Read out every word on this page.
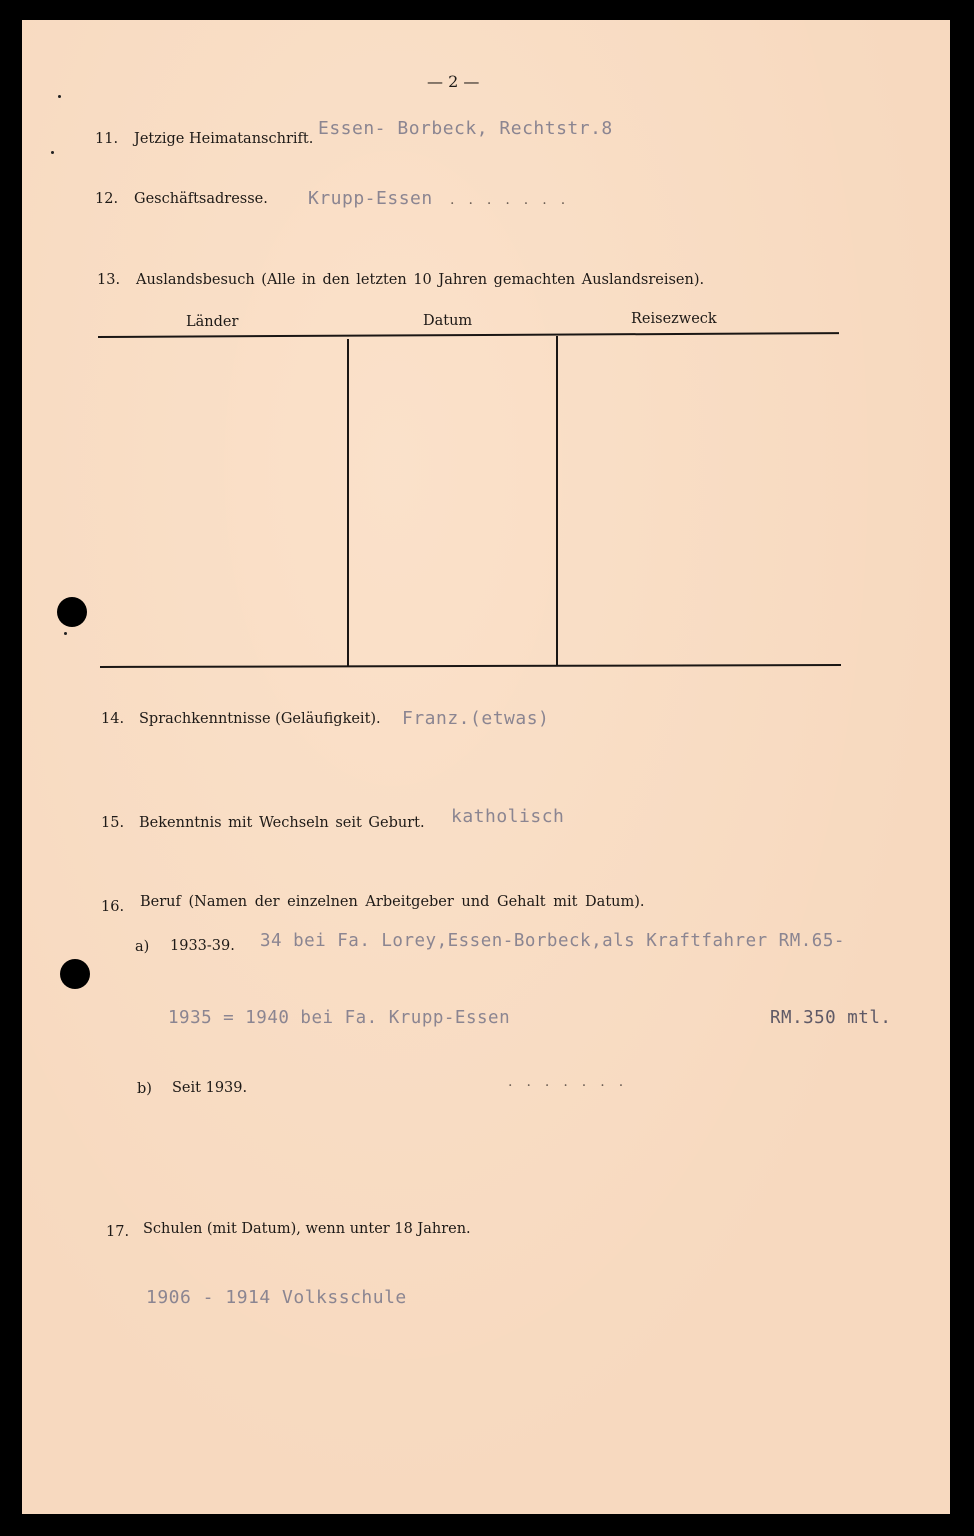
— 2 —
11. Jetzige Heimatanschrift. Essen- Borbeck, Rechtstr.8
12. Geschäftsadresse. Krupp-Essen .......
13. Auslandsbesuch (Alle in den letzten 10 Jahren gemachten Auslandsreisen).
Länder	Datum	Reisezweck
14. Sprachkenntnisse (Geläufigkeit). Franz.(etwas)
15. Bekenntnis mit Wechseln seit Geburt. katholisch
16. Beruf (Namen der einzelnen Arbeitgeber und Gehalt mit Datum).
a) 1933-39. 34 bei Fa. Lorey,Essen-Borbeck,als Kraftfahrer RM.65-
1935 = 1940 bei Fa. Krupp-Essen	RM.350 mtl.
b) Seit 1939.	.......
17. Schulen (mit Datum), wenn unter 18 Jahren.
1906 - 1914 Volksschule
